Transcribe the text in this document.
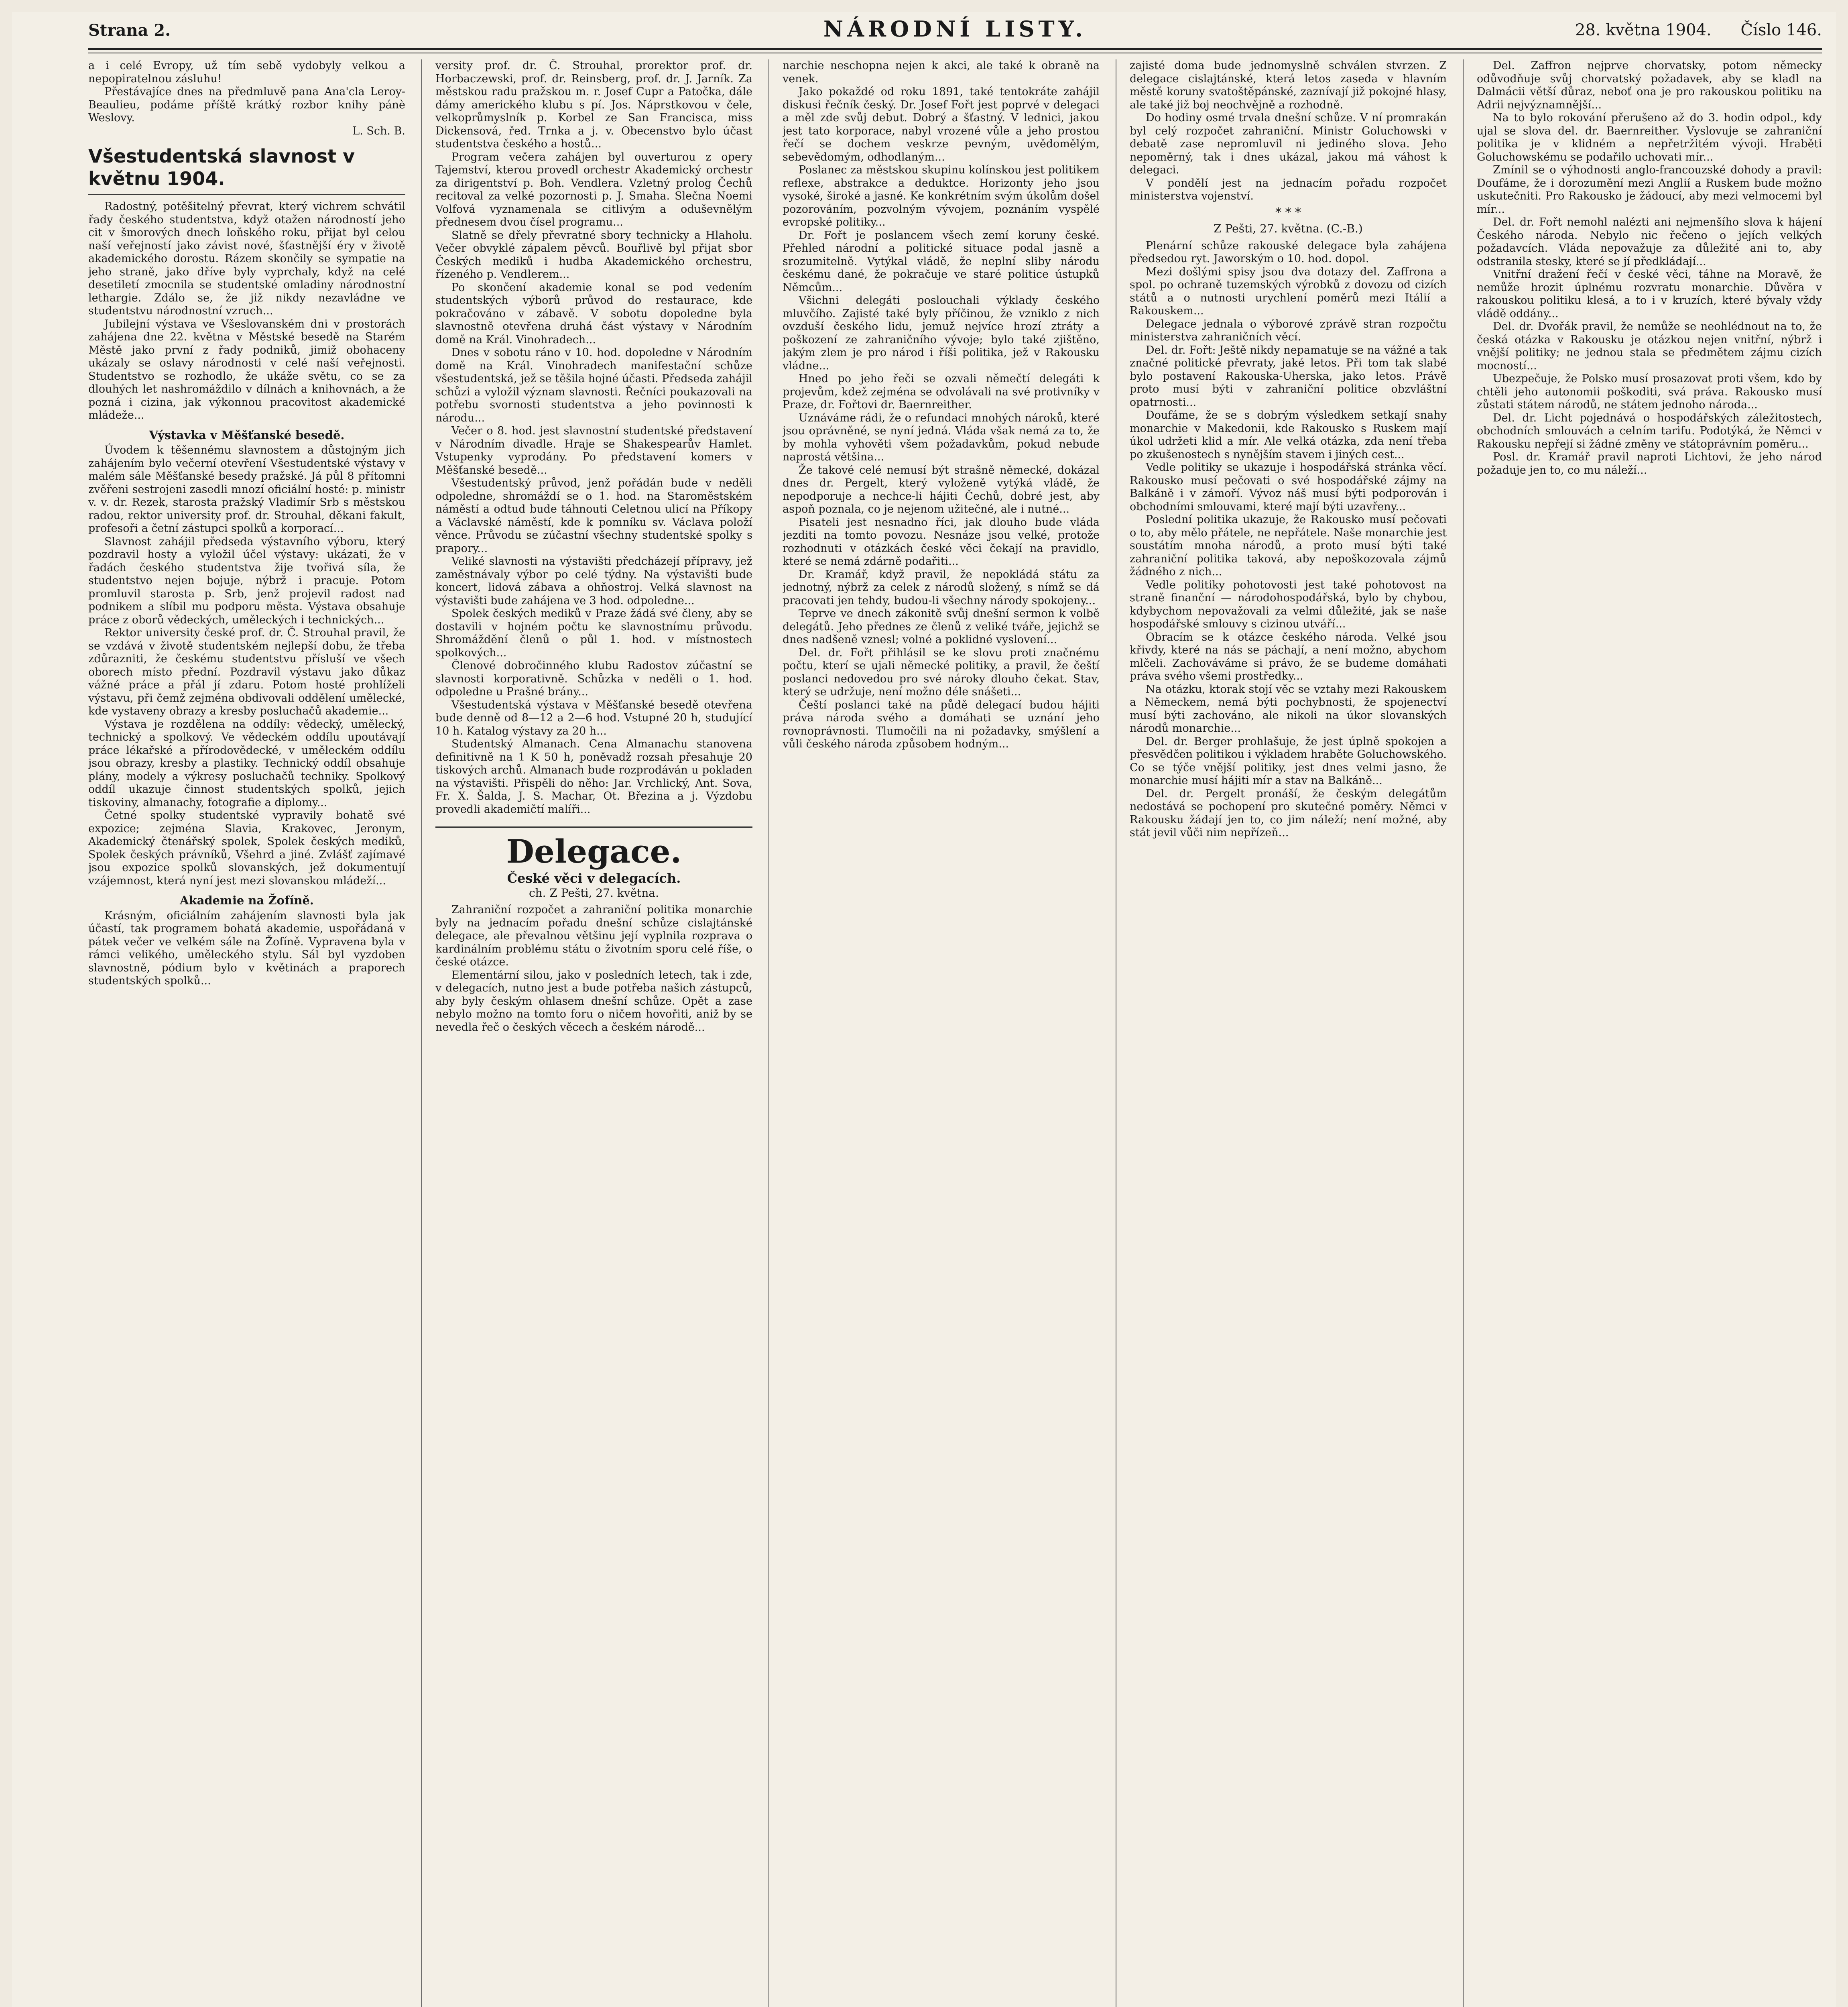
Strana 2.	NÁRODNÍ LISTY.	28. května 1904. Číslo 146.

a i celé Evropy, už tím sebě vydobyly velkou a nepopiratelnou zásluhu!

Přestávajíce dnes na předmluvě pana Ana'cla Leroy-Beaulieu, podáme příště krátký rozbor knihy pánè Weslovy.

L. Sch. B.
Všestudentská slavnost v květnu 1904.

Radostný, potěšitelný převrat, který vichrem schvátil řady českého studentstva, když otažen národností jeho cit v šmorových dnech loňského roku, přijat byl celou naší veřejností jako závist nové, šťastnější éry v životě akademického dorostu. Rázem skončily se sympatie na jeho straně, jako dříve byly vyprchaly, když na celé desetiletí zmocnila se studentské omladiny národnostní lethargie. Zdálo se, že již nikdy nezavládne ve studentstvu národnostní vzruch...

Jubilejní výstava ve Všeslovanském dni v prostorách zahájena dne 22. května v Městské besedě na Starém Městě jako první z řady podniků, jimiž obohaceny ukázaly se oslavy národnosti v celé naší veřejnosti. Studentstvo se rozhodlo, že ukáže světu, co se za dlouhých let nashromáždilo v dílnách a knihovnách, a že pozná i cizina, jak výkonnou pracovitost akademické mládeže...

Výstavka v Měšťanské besedě.

Úvodem k těšennému slavnostem a důstojným jich zahájením bylo večerní otevření Všestudentské výstavy v malém sále Měšťanské besedy pražské. Já půl 8 přítomni zvěřeni sestrojeni zasedli mnozí oficiální hosté: p. ministr v. v. dr. Rezek, starosta pražský Vladimír Srb s městskou radou, rektor university prof. dr. Strouhal, děkani fakult, profesoři a četní zástupci spolků a korporací...

Slavnost zahájil předseda výstavního výboru, který pozdravil hosty a vyložil účel výstavy: ukázati, že v řadách českého studentstva žije tvořivá síla, že studentstvo nejen bojuje, nýbrž i pracuje. Potom promluvil starosta p. Srb, jenž projevil radost nad podnikem a slíbil mu podporu města. Výstava obsahuje práce z oborů vědeckých, uměleckých i technických...

Rektor university české prof. dr. Č. Strouhal pravil, že se vzdává v životě studentském nejlepší dobu, že třeba zdůrazniti, že českému studentstvu přísluší ve všech oborech místo přední. Pozdravil výstavu jako důkaz vážné práce a přál jí zdaru. Potom hosté prohlíželi výstavu, při čemž zejména obdivovali oddělení umělecké, kde vystaveny obrazy a kresby posluchačů akademie...

Výstava je rozdělena na oddíly: vědecký, umělecký, technický a spolkový. Ve vědeckém oddílu upoutávají práce lékařské a přírodovědecké, v uměleckém oddílu jsou obrazy, kresby a plastiky. Technický oddíl obsahuje plány, modely a výkresy posluchačů techniky. Spolkový oddíl ukazuje činnost studentských spolků, jejich tiskoviny, almanachy, fotografie a diplomy...

Četné spolky studentské vypravily bohatě své expozice; zejména Slavia, Krakovec, Jeronym, Akademický čtenářský spolek, Spolek českých mediků, Spolek českých právníků, Všehrd a jiné. Zvlášť zajímavé jsou expozice spolků slovanských, jež dokumentují vzájemnost, která nyní jest mezi slovanskou mládeží...

Akademie na Žofíně.

Krásným, oficiálním zahájením slavnosti byla jak účastí, tak programem bohatá akademie, uspořádaná v pátek večer ve velkém sále na Žofíně. Vypravena byla v rámci velikého, uměleckého stylu. Sál byl vyzdoben slavnostně, pódium bylo v květinách a praporech studentských spolků...

versity prof. dr. Č. Strouhal, prorektor prof. dr. Horbaczewski, prof. dr. Reinsberg, prof. dr. J. Jarník. Za městskou radu pražskou m. r. Josef Cupr a Patočka, dále dámy amerického klubu s pí. Jos. Náprstkovou v čele, velkoprůmyslník p. Korbel ze San Francisca, miss Dickensová, řed. Trnka a j. v. Obecenstvo bylo účast studentstva českého a hostů...

Program večera zahájen byl ouverturou z opery Tajemství, kterou provedl orchestr Akademický orchestr za dirigentství p. Boh. Vendlera. Vzletný prolog Čechů recitoval za velké pozornosti p. J. Smaha. Slečna Noemi Volfová vyznamenala se citlivým a oduševnělým přednesem dvou čísel programu...

Slatně se dřely převratné sbory technicky a Hlaholu. Večer obvyklé zápalem pěvců. Bouřlivě byl přijat sbor Českých mediků i hudba Akademického orchestru, řízeného p. Vendlerem...

Po skončení akademie konal se pod vedením studentských výborů průvod do restaurace, kde pokračováno v zábavě. V sobotu dopoledne byla slavnostně otevřena druhá část výstavy v Národním domě na Král. Vinohradech...

Dnes v sobotu ráno v 10. hod. dopoledne v Národním domě na Král. Vinohradech manifestační schůze všestudentská, jež se těšila hojné účasti. Předseda zahájil schůzi a vyložil význam slavnosti. Řečníci poukazovali na potřebu svornosti studentstva a jeho povinnosti k národu...

Večer o 8. hod. jest slavnostní studentské představení v Národním divadle. Hraje se Shakespearův Hamlet. Vstupenky vyprodány. Po představení komers v Měšťanské besedě...

Všestudentský průvod, jenž pořádán bude v neděli odpoledne, shromáždí se o 1. hod. na Staroměstském náměstí a odtud bude táhnouti Celetnou ulicí na Příkopy a Václavské náměstí, kde k pomníku sv. Václava položí věnce. Průvodu se zúčastní všechny studentské spolky s prapory...

Veliké slavnosti na výstavišti předcházejí přípravy, jež zaměstnávaly výbor po celé týdny. Na výstavišti bude koncert, lidová zábava a ohňostroj. Velká slavnost na výstavišti bude zahájena ve 3 hod. odpoledne...

Spolek českých mediků v Praze žádá své členy, aby se dostavili v hojném počtu ke slavnostnímu průvodu. Shromáždění členů o půl 1. hod. v místnostech spolkových...

Členové dobročinného klubu Radostov zúčastní se slavnosti korporativně. Schůzka v neděli o 1. hod. odpoledne u Prašné brány...

Všestudentská výstava v Měšťanské besedě otevřena bude denně od 8—12 a 2—6 hod. Vstupné 20 h, studující 10 h. Katalog výstavy za 20 h...

Studentský Almanach. Cena Almanachu stanovena definitivně na 1 K 50 h, poněvadž rozsah přesahuje 20 tiskových archů. Almanach bude rozprodáván u pokladen na výstavišti. Přispěli do něho: Jar. Vrchlický, Ant. Sova, Fr. X. Šalda, J. S. Machar, Ot. Březina a j. Výzdobu provedli akademičtí malíři...

Delegace.
České věci v delegacích.
ch. Z Pešti, 27. května.

Zahraniční rozpočet a zahraniční politika monarchie byly na jednacím pořadu dnešní schůze cislajtánské delegace, ale převalnou většinu její vyplnila rozprava o kardinálním problému státu o životním sporu celé říše, o české otázce.

Elementární silou, jako v posledních letech, tak i zde, v delegacích, nutno jest a bude potřeba našich zástupců, aby byly českým ohlasem dnešní schůze. Opět a zase nebylo možno na tomto foru o ničem hovořiti, aniž by se nevedla řeč o českých věcech a českém národě...

narchie neschopna nejen k akci, ale také k obraně na venek.

Jako pokaždé od roku 1891, také tentokráte zahájil diskusi řečník český. Dr. Josef Fořt jest poprvé v delegaci a měl zde svůj debut. Dobrý a šťastný. V lednici, jakou jest tato korporace, nabyl vrozené vůle a jeho prostou řečí se dochem veskrze pevným, uvědomělým, sebevědomým, odhodlaným...

Poslanec za městskou skupinu kolínskou jest politikem reflexe, abstrakce a deduktce. Horizonty jeho jsou vysoké, široké a jasné. Ke konkrétním svým úkolům došel pozorováním, pozvolným vývojem, poznáním vyspělé evropské politiky...

Dr. Fořt je poslancem všech zemí koruny české. Přehled národní a politické situace podal jasně a srozumitelně. Vytýkal vládě, že neplní sliby národu českému dané, že pokračuje ve staré politice ústupků Němcům...

Všichni delegáti poslouchali výklady českého mluvčího. Zajisté také byly příčinou, že vzniklo z nich ovzduší českého lidu, jemuž nejvíce hrozí ztráty a poškození ze zahraničního vývoje; bylo také zjištěno, jakým zlem je pro národ i říši politika, jež v Rakousku vládne...

Hned po jeho řeči se ozvali němečtí delegáti k projevům, kdež zejména se odvolávali na své protivníky v Praze, dr. Fořtovi dr. Baernreither.

Uznáváme rádi, že o refundaci mnohých nároků, které jsou oprávněné, se nyní jedná. Vláda však nemá za to, že by mohla vyhověti všem požadavkům, pokud nebude naprostá většina...

Že takové celé nemusí být strašně německé, dokázal dnes dr. Pergelt, který vyloženě vytýká vládě, že nepodporuje a nechce-li hájiti Čechů, dobré jest, aby aspoň poznala, co je nejenom užitečné, ale i nutné...

Pisateli jest nesnadno říci, jak dlouho bude vláda jezditi na tomto povozu. Nesnáze jsou velké, protože rozhodnuti v otázkách české věci čekají na pravidlo, které se nemá zdárně podařiti...

Dr. Kramář, když pravil, že nepokládá státu za jednotný, nýbrž za celek z národů složený, s nímž se dá pracovati jen tehdy, budou-li všechny národy spokojeny...

Teprve ve dnech zákonitě svůj dnešní sermon k volbě delegátů. Jeho přednes ze členů z veliké tváře, jejichž se dnes nadšeně vznesl; volné a poklidné vyslovení...

Del. dr. Fořt přihlásil se ke slovu proti značnému počtu, kterí se ujali německé politiky, a pravil, že čeští poslanci nedovedou pro své nároky dlouho čekat. Stav, který se udržuje, není možno déle snášeti...

Čeští poslanci také na půdě delegací budou hájiti práva národa svého a domáhati se uznání jeho rovnoprávnosti. Tlumočili na ni požadavky, smýšlení a vůli českého národa způsobem hodným...

zajisté doma bude jednomyslně schválen stvrzen. Z delegace cislajtánské, která letos zaseda v hlavním městě koruny svatoštěpánské, zaznívají již pokojné hlasy, ale také již boj neochvějně a rozhodně.

Do hodiny osmé trvala dnešní schůze. V ní promrakán byl celý rozpočet zahraniční. Ministr Goluchowski v debatě zase nepromluvil ni jediného slova. Jeho nepoměrný, tak i dnes ukázal, jakou má váhost k delegaci.

V pondělí jest na jednacím pořadu rozpočet ministerstva vojenství.

* * *
Z Pešti, 27. května. (C.-B.)

Plenární schůze rakouské delegace byla zahájena předsedou ryt. Jaworským o 10. hod. dopol.

Mezi došlými spisy jsou dva dotazy del. Zaffrona a spol. po ochraně tuzemských výrobků z dovozu od cizích států a o nutnosti urychlení poměrů mezi Itálií a Rakouskem...

Delegace jednala o výborové zprávě stran rozpočtu ministerstva zahraničních věcí.

Del. dr. Fořt: Ještě nikdy nepamatuje se na vážné a tak značné politické převraty, jaké letos. Při tom tak slabé bylo postavení Rakouska-Uherska, jako letos. Právě proto musí býti v zahraniční politice obzvláštní opatrnosti...

Doufáme, že se s dobrým výsledkem setkají snahy monarchie v Makedonii, kde Rakousko s Ruskem mají úkol udržeti klid a mír. Ale velká otázka, zda není třeba po zkušenostech s nynějším stavem i jiných cest...

Vedle politiky se ukazuje i hospodářská stránka věcí. Rakousko musí pečovati o své hospodářské zájmy na Balkáně i v zámoří. Vývoz náš musí býti podporován i obchodními smlouvami, které mají býti uzavřeny...

Poslední politika ukazuje, že Rakousko musí pečovati o to, aby mělo přátele, ne nepřátele. Naše monarchie jest soustátím mnoha národů, a proto musí býti také zahraniční politika taková, aby nepoškozovala zájmů žádného z nich...

Vedle politiky pohotovosti jest také pohotovost na straně finanční — národohospodářská, bylo by chybou, kdybychom nepovažovali za velmi důležité, jak se naše hospodářské smlouvy s cizinou utváří...

Obracím se k otázce českého národa. Velké jsou křivdy, které na nás se páchají, a není možno, abychom mlčeli. Zachováváme si právo, že se budeme domáhati práva svého všemi prostředky...

Na otázku, ktorak stojí věc se vztahy mezi Rakouskem a Německem, nemá býti pochybnosti, že spojenectví musí býti zachováno, ale nikoli na úkor slovanských národů monarchie...

Del. dr. Berger prohlašuje, že jest úplně spokojen a přesvědčen politikou i výkladem hraběte Goluchowského. Co se týče vnější politiky, jest dnes velmi jasno, že monarchie musí hájiti mír a stav na Balkáně...

Del. dr. Pergelt pronáší, že českým delegátům nedostává se pochopení pro skutečné poměry. Němci v Rakousku žádají jen to, co jim náleží; není možné, aby stát jevil vůči nim nepřízeň...

Del. Zaffron nejprve chorvatsky, potom německy odůvodňuje svůj chorvatský požadavek, aby se kladl na Dalmácii větší důraz, neboť ona je pro rakouskou politiku na Adrii nejvýznamnější...

Na to bylo rokování přerušeno až do 3. hodin odpol., kdy ujal se slova del. dr. Baernreither. Vyslovuje se zahraniční politika je v klidném a nepřetržitém vývoji. Hraběti Goluchowskému se podařilo uchovati mír...

Zmínil se o výhodnosti anglo-francouzské dohody a pravil: Doufáme, že i dorozumění mezi Anglií a Ruskem bude možno uskutečniti. Pro Rakousko je žádoucí, aby mezi velmocemi byl mír...

Del. dr. Fořt nemohl nalézti ani nejmenšího slova k hájení Českého národa. Nebylo nic řečeno o jejích velkých požadavcích. Vláda nepovažuje za důležité ani to, aby odstranila stesky, které se jí předkládají...

Vnitřní dražení řečí v české věci, táhne na Moravě, že nemůže hrozit úplnému rozvratu monarchie. Důvěra v rakouskou politiku klesá, a to i v kruzích, které bývaly vždy vládě oddány...

Del. dr. Dvořák pravil, že nemůže se neohlédnout na to, že česká otázka v Rakousku je otázkou nejen vnitřní, nýbrž i vnější politiky; ne jednou stala se předmětem zájmu cizích mocností...

Ubezpečuje, že Polsko musí prosazovat proti všem, kdo by chtěli jeho autonomii poškoditi, svá práva. Rakousko musí zůstati státem národů, ne státem jednoho národa...

Del. dr. Licht pojednává o hospodářských záležitostech, obchodních smlouvách a celním tarifu. Podotýká, že Němci v Rakousku nepřejí si žádné změny ve státoprávním poměru...

Posl. dr. Kramář pravil naproti Lichtovi, že jeho národ požaduje jen to, co mu náleží...
